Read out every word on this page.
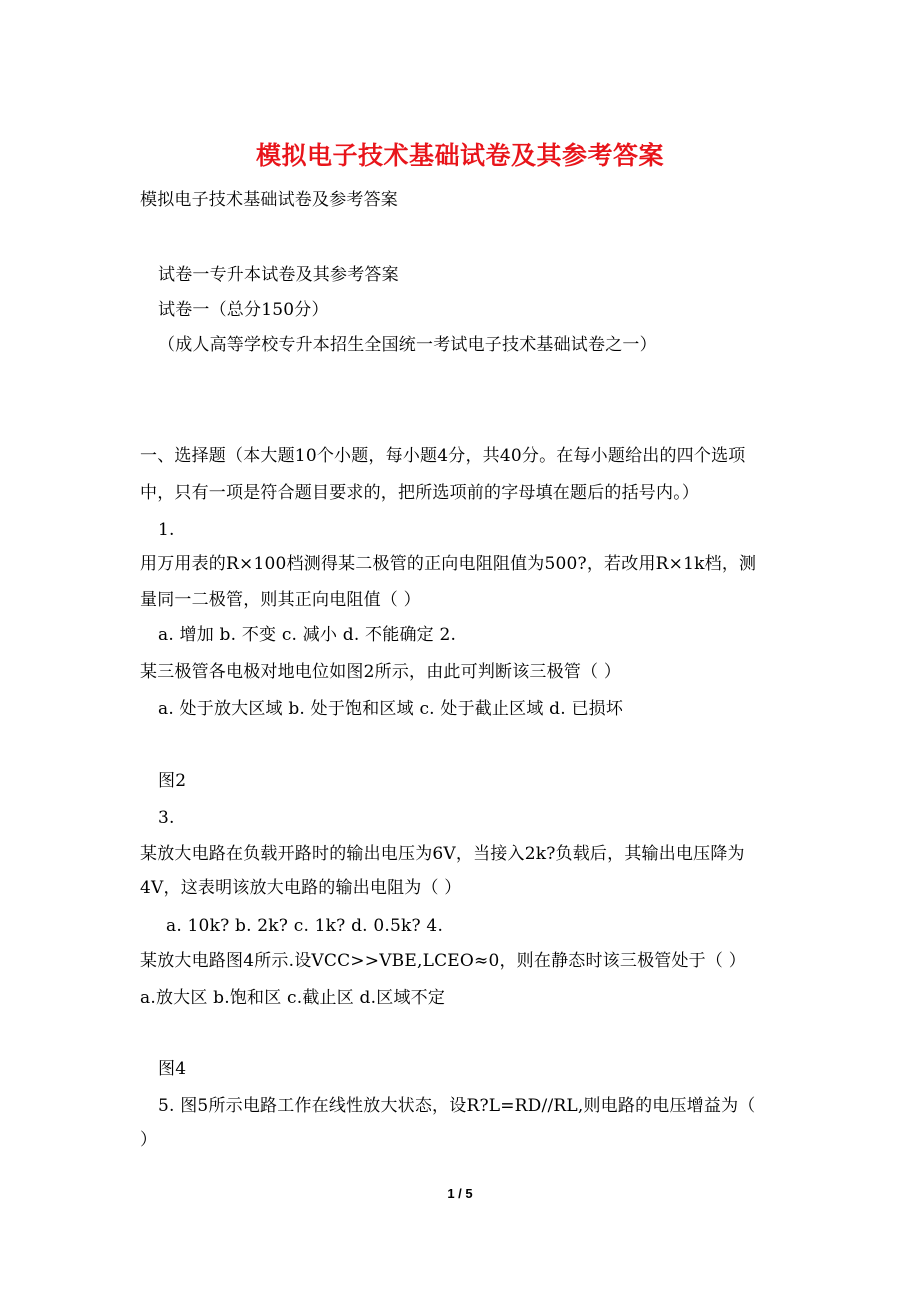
模拟电子技术基础试卷及其参考答案
模拟电子技术基础试卷及参考答案
试卷一专升本试卷及其参考答案
试卷一（总分150分）
（成人高等学校专升本招生全国统一考试电子技术基础试卷之一）
一、选择题（本大题10个小题，每小题4分，共40分。在每小题给出的四个选项
中，只有一项是符合题目要求的，把所选项前的字母填在题后的括号内。）
1.
用万用表的R×100档测得某二极管的正向电阻阻值为500?，若改用R×1k档，测
量同一二极管，则其正向电阻值（ ）
a. 增加 b. 不变 c. 减小 d. 不能确定 2.
某三极管各电极对地电位如图2所示，由此可判断该三极管（ ）
a. 处于放大区域 b. 处于饱和区域 c. 处于截止区域 d. 已损坏
图2
3.
某放大电路在负载开路时的输出电压为6V，当接入2k?负载后，其输出电压降为
4V，这表明该放大电路的输出电阻为（ ）
a. 10k? b. 2k? c. 1k? d. 0.5k? 4.
某放大电路图4所示.设VCC>>VBE,LCEO≈0，则在静态时该三极管处于（ ）
a.放大区 b.饱和区 c.截止区 d.区域不定
图4
5. 图5所示电路工作在线性放大状态，设R?L=RD//RL,则电路的电压增益为（
）
1 / 5
